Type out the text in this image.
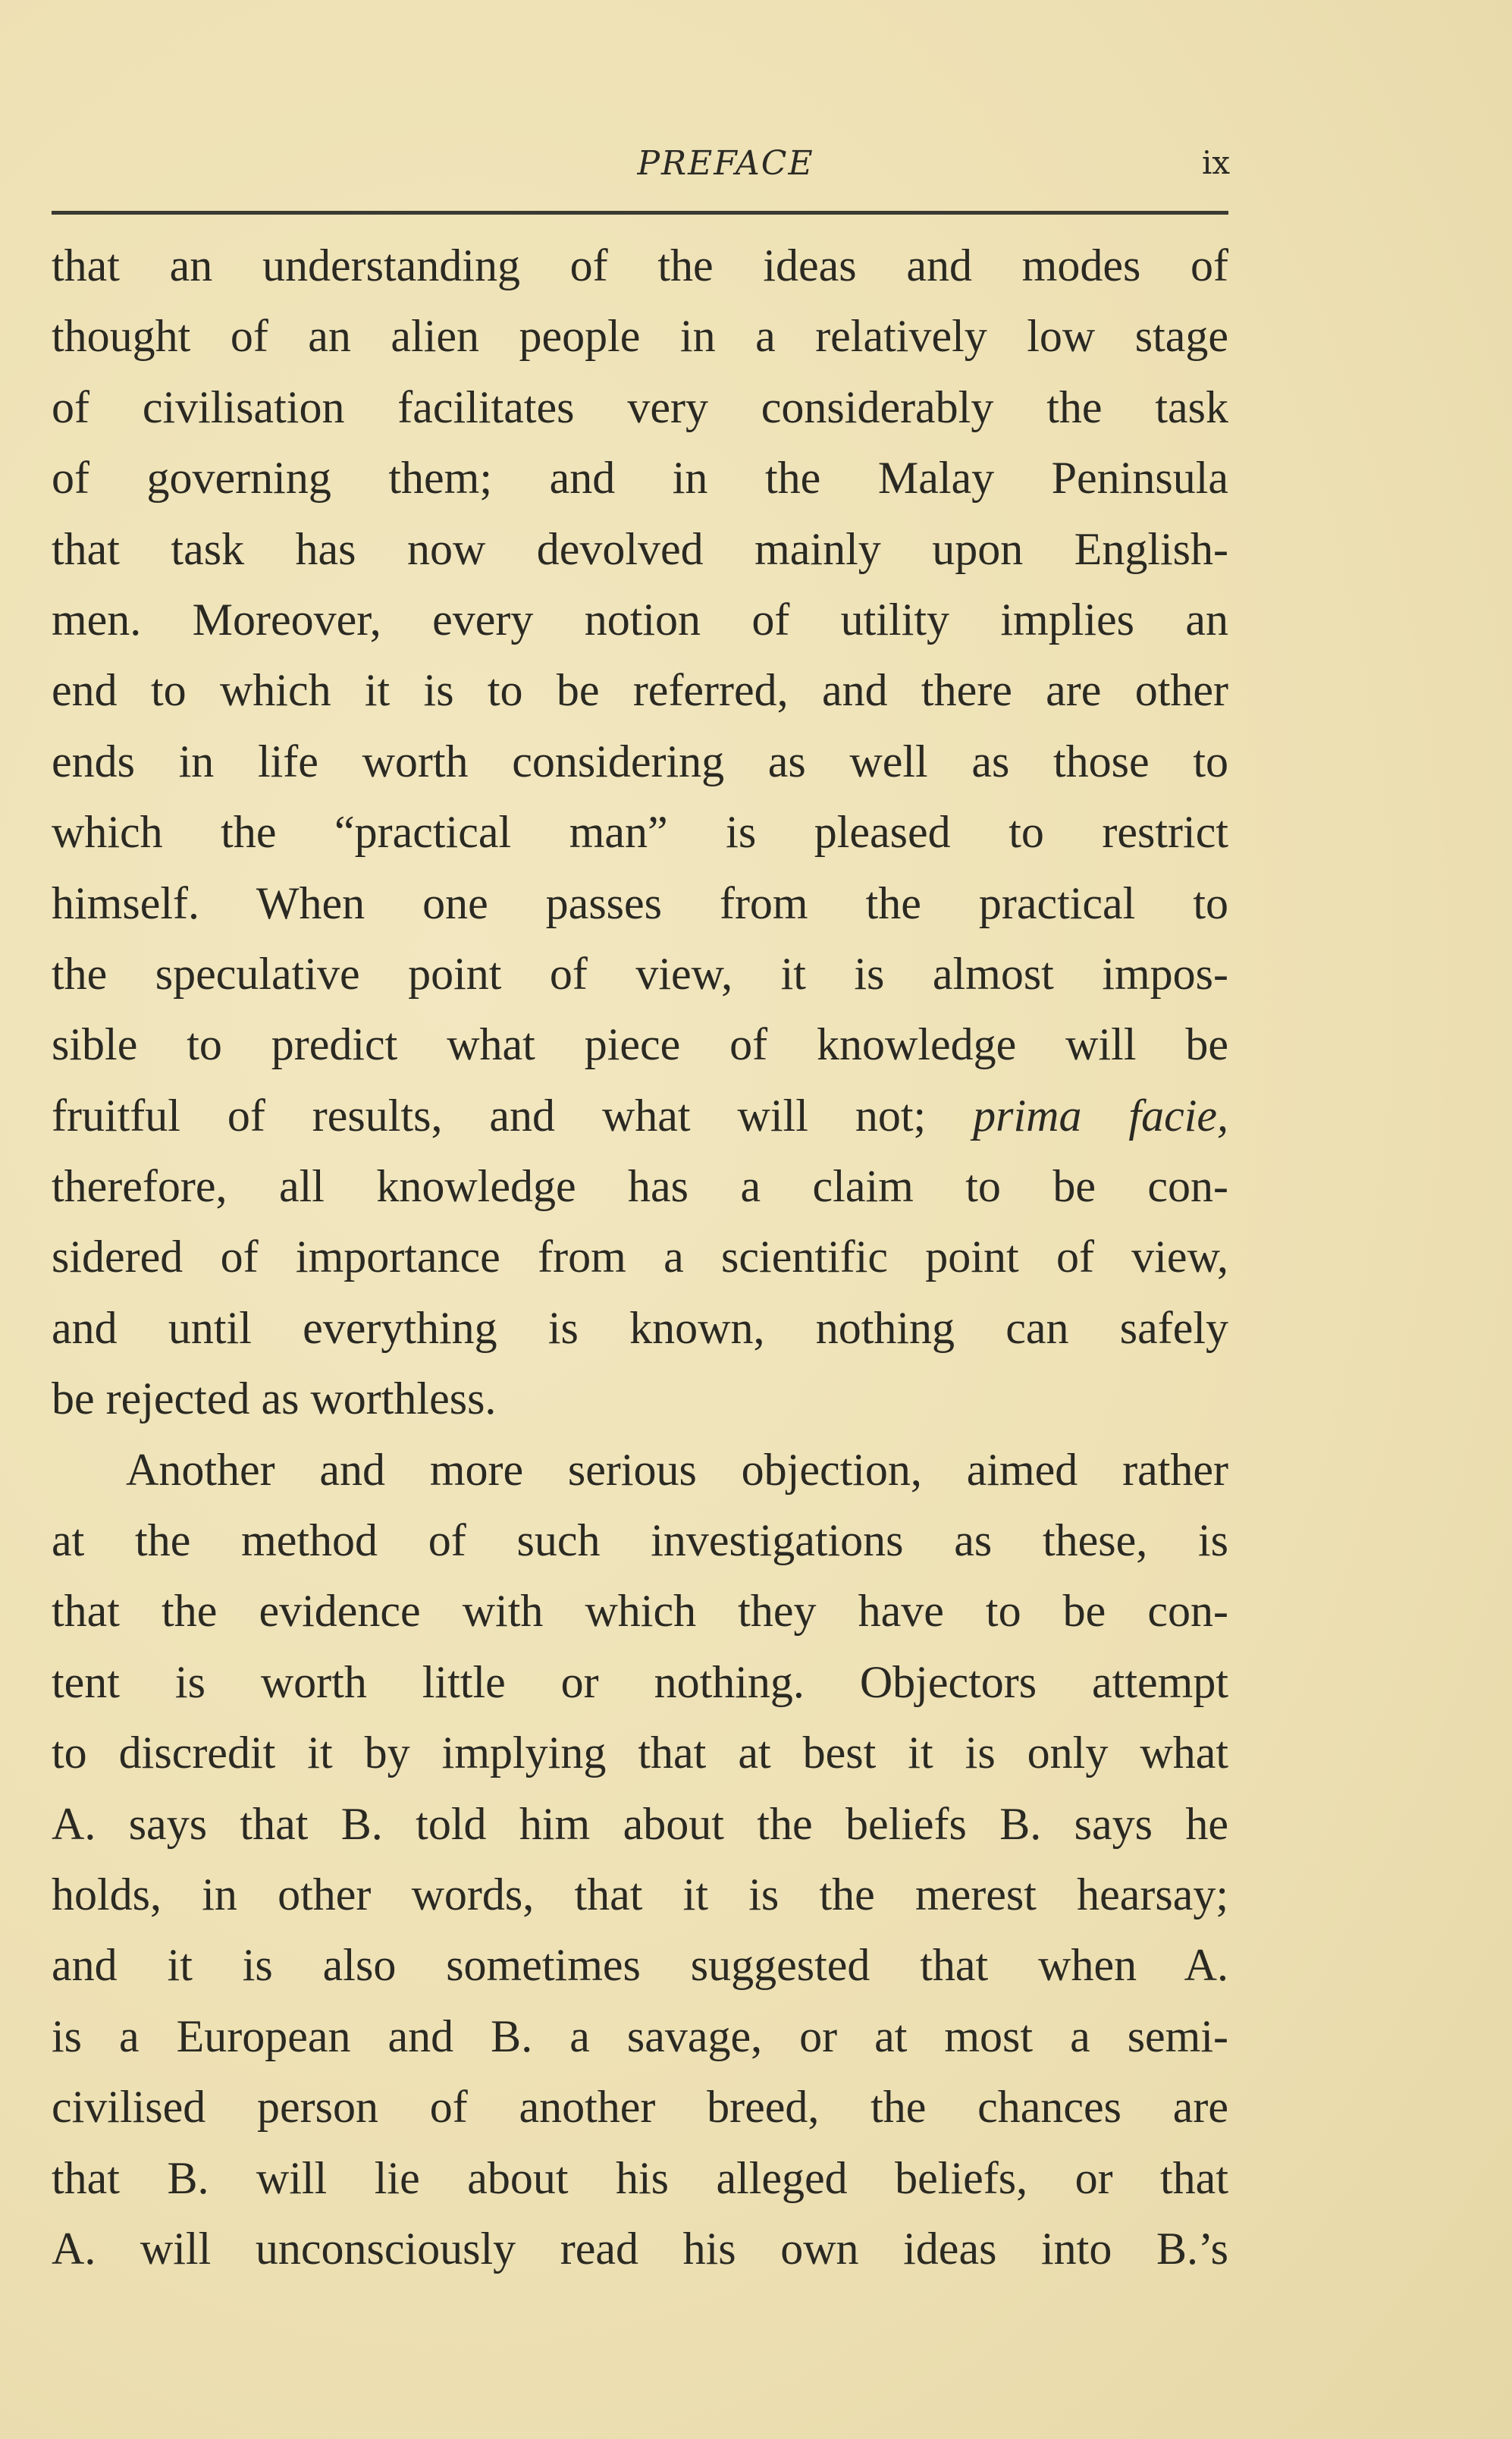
PREFACE	ix
that an understanding of the ideas and modes of
thought of an alien people in a relatively low stage
of civilisation facilitates very considerably the task
of governing them; and in the Malay Peninsula
that task has now devolved mainly upon English-
men. Moreover, every notion of utility implies an
end to which it is to be referred, and there are other
ends in life worth considering as well as those to
which the “practical man” is pleased to restrict
himself. When one passes from the practical to
the speculative point of view, it is almost impos-
sible to predict what piece of knowledge will be
fruitful of results, and what will not; prima facie,
therefore, all knowledge has a claim to be con-
sidered of importance from a scientific point of view,
and until everything is known, nothing can safely
be rejected as worthless.
Another and more serious objection, aimed rather
at the method of such investigations as these, is
that the evidence with which they have to be con-
tent is worth little or nothing. Objectors attempt
to discredit it by implying that at best it is only what
A. says that B. told him about the beliefs B. says he
holds, in other words, that it is the merest hearsay;
and it is also sometimes suggested that when A.
is a European and B. a savage, or at most a semi-
civilised person of another breed, the chances are
that B. will lie about his alleged beliefs, or that
A. will unconsciously read his own ideas into B.’s
